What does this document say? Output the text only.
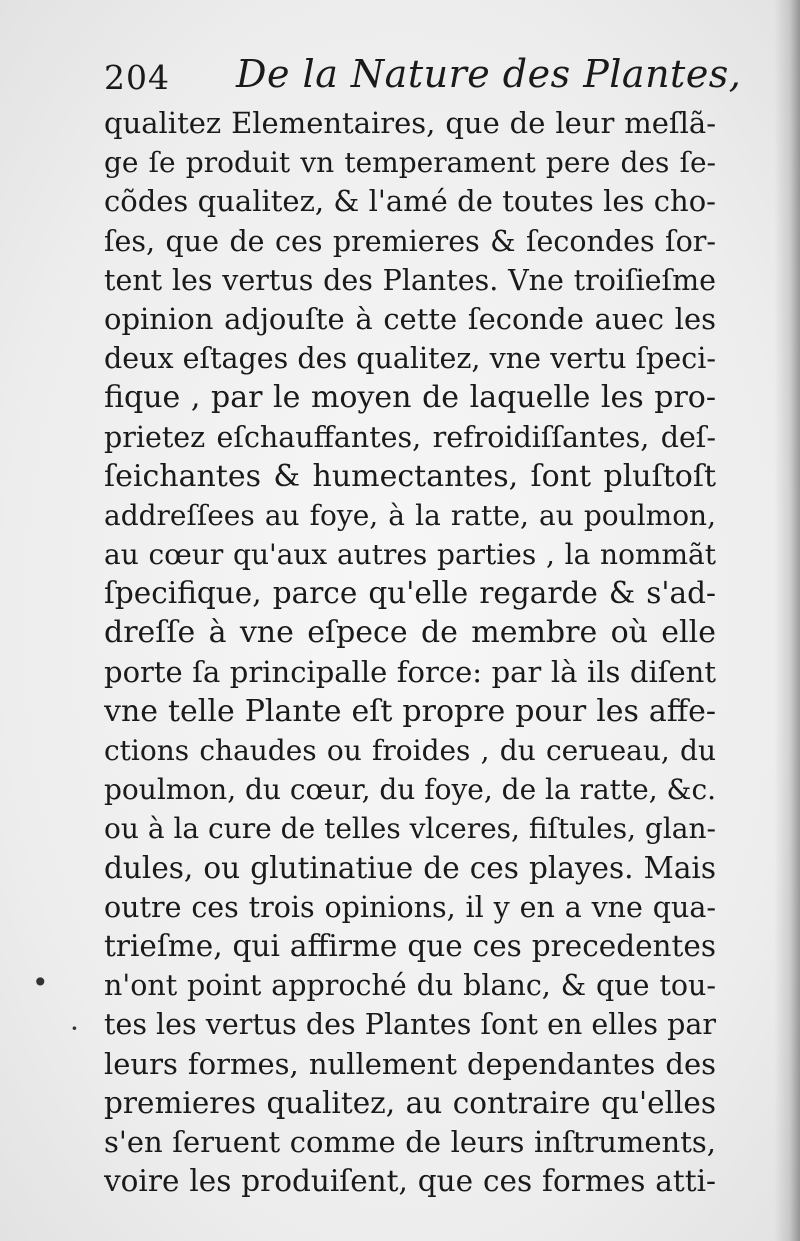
204 De la Nature des Plantes,
qualitez Elementaires, que de leur meſlã-
ge ſe produit vn temperament pere des ſe-
cõdes qualitez, & l'amé de toutes les cho-
ſes, que de ces premieres & ſecondes ſor-
tent les vertus des Plantes. Vne troiſieſme
opinion adjouſte à cette ſeconde auec les
deux eſtages des qualitez, vne vertu ſpeci-
fique , par le moyen de laquelle les pro-
prietez eſchauffantes, refroidiſſantes, deſ-
ſeichantes & humectantes, ſont pluſtoſt
addreſſees au foye, à la ratte, au poulmon,
au cœur qu'aux autres parties , la nommãt
ſpecifique, parce qu'elle regarde & s'ad-
dreſſe à vne eſpece de membre où elle
porte ſa principalle force: par là ils diſent
vne telle Plante eſt propre pour les affe-
ctions chaudes ou froides , du cerueau, du
poulmon, du cœur, du foye, de la ratte, &c.
ou à la cure de telles vlceres, fiſtules, glan-
dules, ou glutinatiue de ces playes. Mais
outre ces trois opinions, il y en a vne qua-
trieſme, qui affirme que ces precedentes
n'ont point approché du blanc, & que tou-
tes les vertus des Plantes ſont en elles par
leurs formes, nullement dependantes des
premieres qualitez, au contraire qu'elles
s'en ſeruent comme de leurs inſtruments,
voire les produiſent, que ces formes atti-
•
·
